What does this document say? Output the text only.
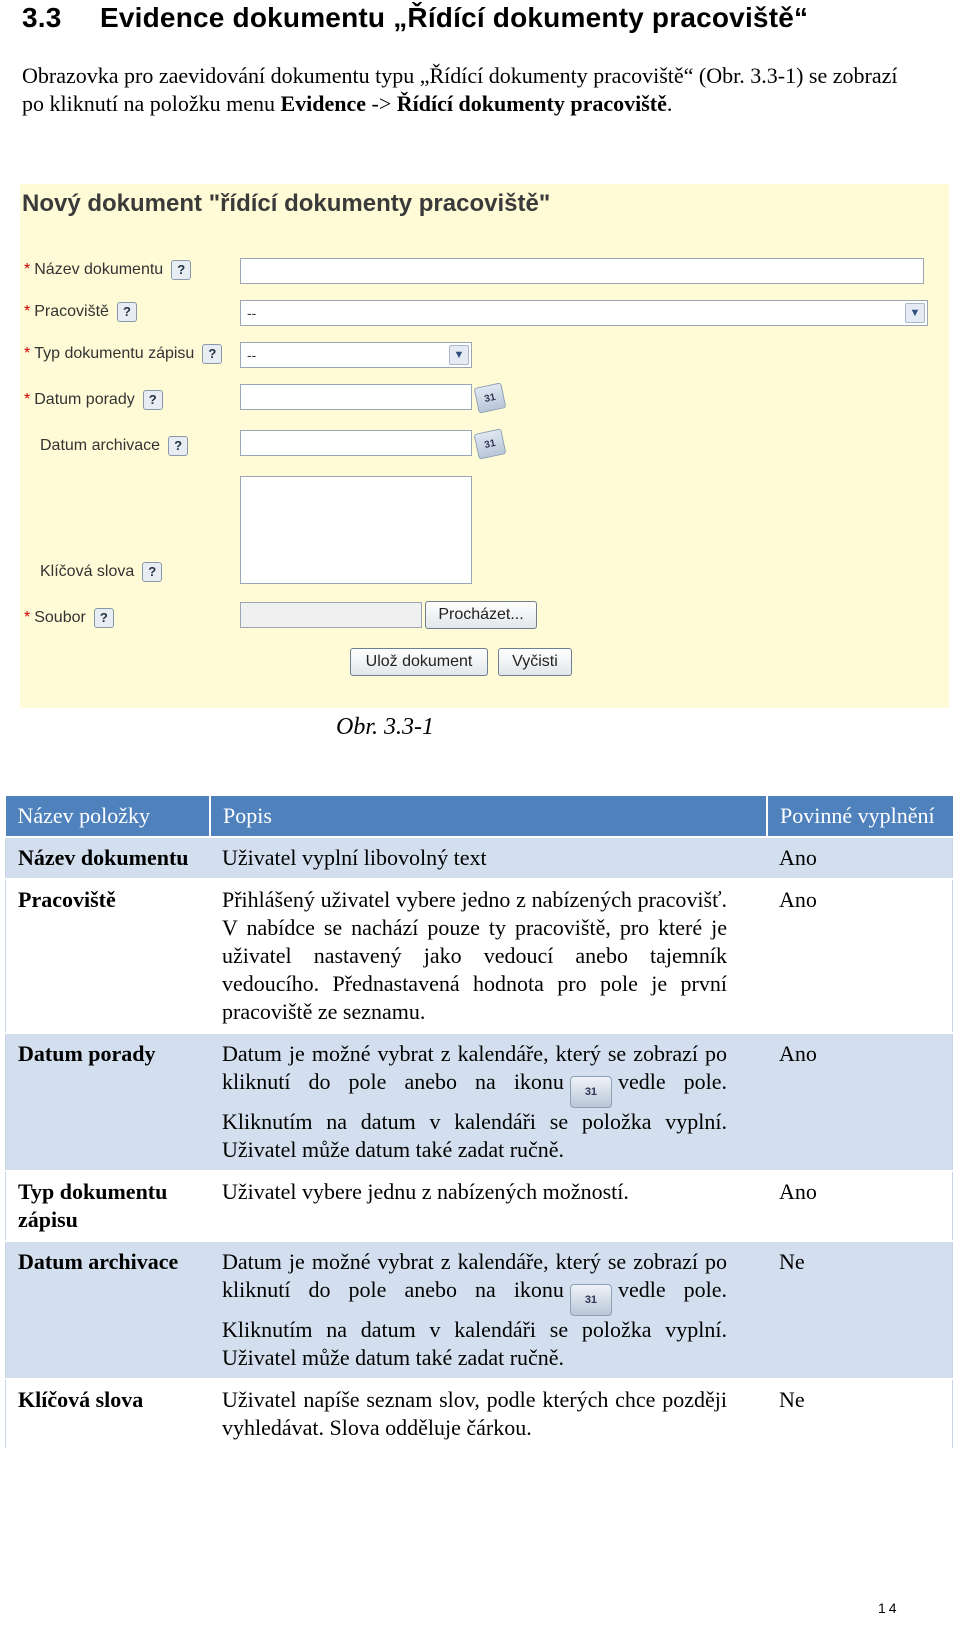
3.3 Evidence dokumentu „Řídící dokumenty pracoviště“

Obrazovka pro zaevidování dokumentu typu „Řídící dokumenty pracoviště“ (Obr. 3.3-1) se zobrazí po kliknutí na položku menu Evidence -> Řídící dokumenty pracoviště.

Nový dokument "řídící dokumenty pracoviště"
* Název dokumentu ?
* Pracoviště ?	--	▼
* Typ dokumentu zápisu ?	--	▼
* Datum porady ?	31
Datum archivace ?	31
Klíčová slova ?
* Soubor ?	Procházet...
Ulož dokument	Vyčisti
Obr. 3.3-1
Název položky	Popis	Povinné vyplnění
Název dokumentu	Uživatel vyplní libovolný text	Ano
Pracoviště	Přihlášený uživatel vybere jedno z nabízených pracovišť. V nabídce se nachází pouze ty pracoviště, pro které je uživatel nastavený jako vedoucí anebo tajemník vedoucího. Přednastavená hodnota pro pole je první pracoviště ze seznamu.	Ano
Datum porady	Datum je možné vybrat z kalendáře, který se zobrazí po kliknutí do pole anebo na ikonu 31 vedle pole. Kliknutím na datum v kalendáři se položka vyplní. Uživatel může datum také zadat ručně.	Ano
Typ dokumentu zápisu	Uživatel vybere jednu z nabízených možností.	Ano
Datum archivace	Datum je možné vybrat z kalendáře, který se zobrazí po kliknutí do pole anebo na ikonu 31 vedle pole. Kliknutím na datum v kalendáři se položka vyplní. Uživatel může datum také zadat ručně.	Ne
Klíčová slova	Uživatel napíše seznam slov, podle kterých chce později vyhledávat. Slova odděluje čárkou.	Ne
14
